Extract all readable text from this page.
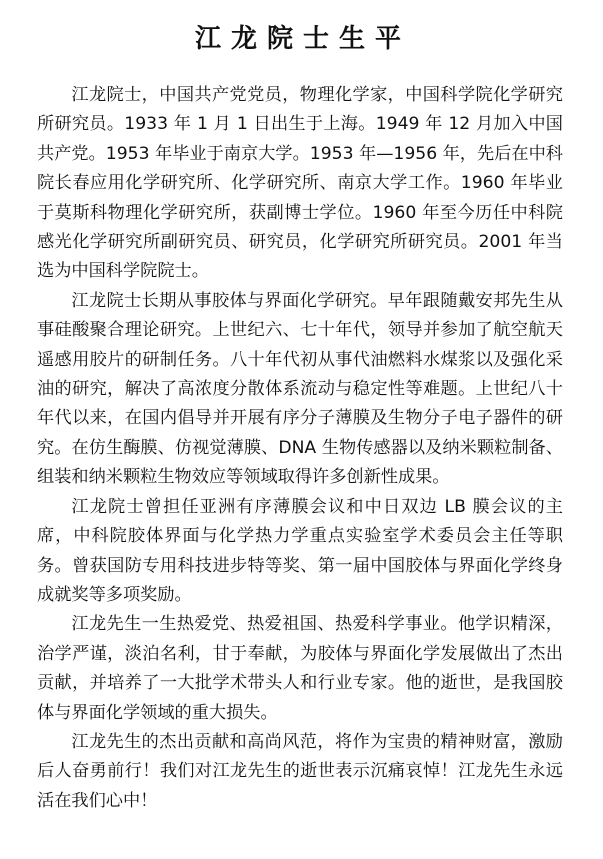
江龙院士生平

江龙院士，中国共产党党员，物理化学家，中国科学院化学研究所研究员。1933 年 1 月 1 日出生于上海。1949 年 12 月加入中国共产党。1953 年毕业于南京大学。1953 年—1956 年，先后在中科院长春应用化学研究所、化学研究所、南京大学工作。1960 年毕业于莫斯科物理化学研究所，获副博士学位。1960 年至今历任中科院感光化学研究所副研究员、研究员，化学研究所研究员。2001 年当选为中国科学院院士。

江龙院士长期从事胶体与界面化学研究。早年跟随戴安邦先生从事硅酸聚合理论研究。上世纪六、七十年代，领导并参加了航空航天遥感用胶片的研制任务。八十年代初从事代油燃料水煤浆以及强化采油的研究，解决了高浓度分散体系流动与稳定性等难题。上世纪八十年代以来，在国内倡导并开展有序分子薄膜及生物分子电子器件的研究。在仿生酶膜、仿视觉薄膜、DNA 生物传感器以及纳米颗粒制备、组装和纳米颗粒生物效应等领域取得许多创新性成果。

江龙院士曾担任亚洲有序薄膜会议和中日双边 LB 膜会议的主席，中科院胶体界面与化学热力学重点实验室学术委员会主任等职务。曾获国防专用科技进步特等奖、第一届中国胶体与界面化学终身成就奖等多项奖励。

江龙先生一生热爱党、热爱祖国、热爱科学事业。他学识精深，治学严谨，淡泊名利，甘于奉献，为胶体与界面化学发展做出了杰出贡献，并培养了一大批学术带头人和行业专家。他的逝世，是我国胶体与界面化学领域的重大损失。

江龙先生的杰出贡献和高尚风范，将作为宝贵的精神财富，激励后人奋勇前行！我们对江龙先生的逝世表示沉痛哀悼！江龙先生永远活在我们心中！
